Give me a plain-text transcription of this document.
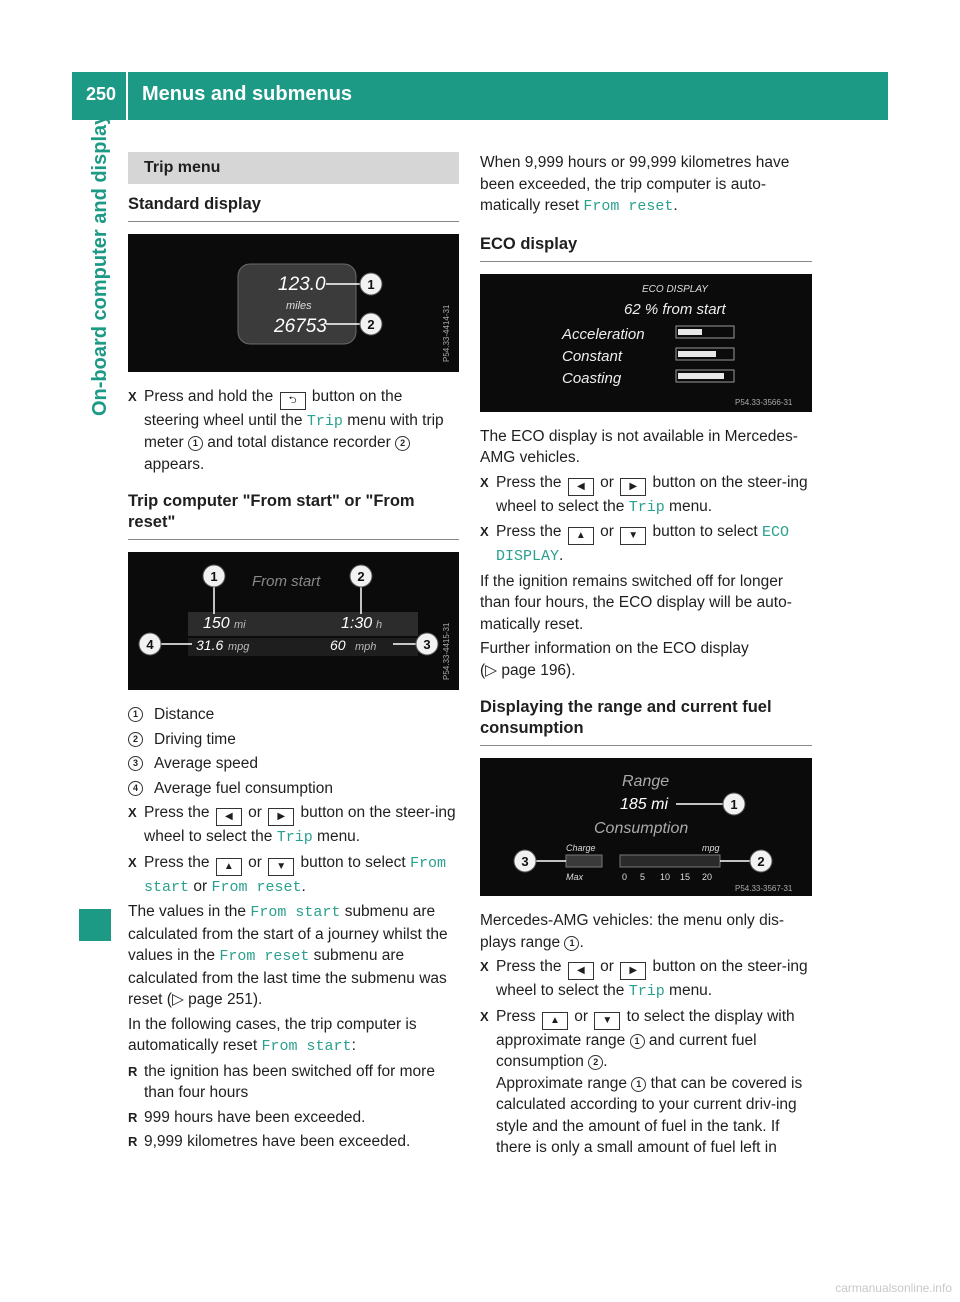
250 Menus and submenus
On-board computer and displays	Trip menu
Standard display
123.0
miles
26753
1
2	P54.33-4414-31
X Press and hold the ⮌ button on the steering wheel until the Trip menu with trip meter 1 and total distance recorder 2 appears.
Trip computer "From start" or "From reset"
From start
150 mi	1:30 h
31.6 mpg	60 mph
1	2
3
4	P54.33-4415-31
1	Distance
2	Driving time
3	Average speed
4	Average fuel consumption
X Press the ◀ or ▶ button on the steer-ing wheel to select the Trip menu.
X Press the ▲ or ▼ button to select From start or From reset.

The values in the From start submenu are calculated from the start of a journey whilst the values in the From reset submenu are calculated from the last time the submenu was reset (▷ page 251).

In the following cases, the trip computer is automatically reset From start:

R the ignition has been switched off for more than four hours
R 999 hours have been exceeded.
R 9,999 kilometres have been exceeded.

When 9,999 hours or 99,999 kilometres have been exceeded, the trip computer is auto-matically reset From reset.

ECO display
ECO DISPLAY
62 % from start
Acceleration
Constant
Coasting
P54.33-3566-31

The ECO display is not available in Mercedes-AMG vehicles.

X Press the ◀ or ▶ button on the steer-ing wheel to select the Trip menu.
X Press the ▲ or ▼ button to select ECO DISPLAY.

If the ignition remains switched off for longer than four hours, the ECO display will be auto-matically reset.

Further information on the ECO display
(▷ page 196).

Displaying the range and current fuel consumption
Range
185 mi
Consumption
Charge
Max
mpg
0 5 10 15 20
1
2
3
P54.33-3567-31

Mercedes-AMG vehicles: the menu only dis-plays range 1 .

X Press the ◀ or ▶ button on the steer-ing wheel to select the Trip menu.
X Press ▲ or ▼ to select the display with approximate range 1 and current fuel consumption 2 .
Approximate range 1 that can be covered is calculated according to your current driv-ing style and the amount of fuel in the tank. If there is only a small amount of fuel left in
carmanualsonline.info
